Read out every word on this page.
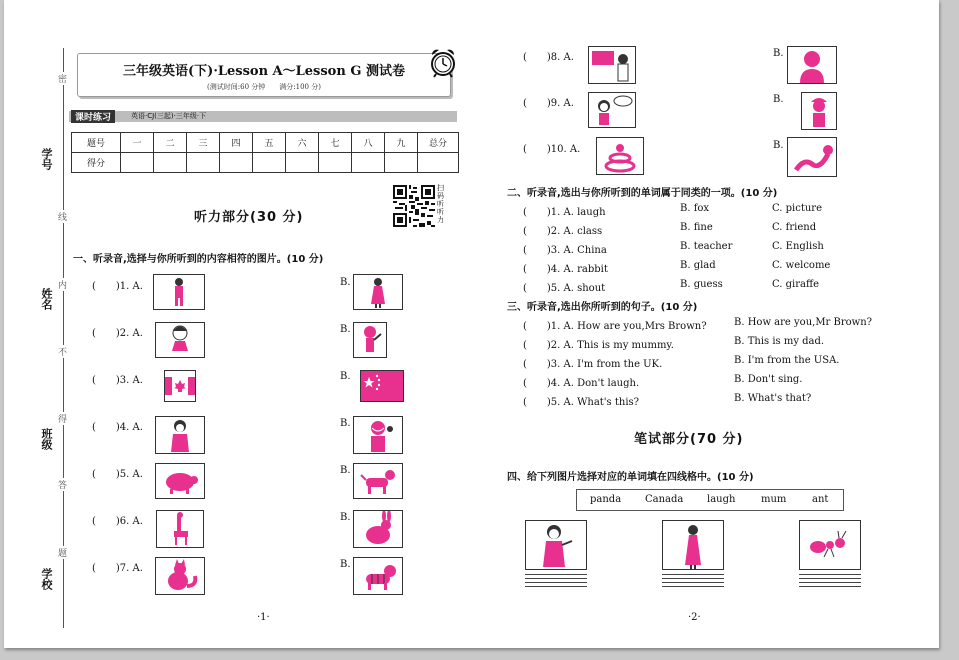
学号
姓名
班级
学校
密
线
内
不
得
答
题
三年级英语(下)·Lesson A～Lesson G 测试卷
(测试时间:60 分钟　　满分:100 分)
课时练习	英语·CJ(三起)·三年级·下
题号	一	二	三	四	五	六	七	八	九	总分
得分										
扫码听听力
听力部分(30 分)
一、听录音,选择与你所听到的内容相符的图片。(10 分)
(　　)1. A.	B.
(　　)2. A.	B.
(　　)3. A.	B.
(　　)4. A.	B.
(　　)5. A.	B.
(　　)6. A.	B.
(　　)7. A.	B.
·1·
(　　)8. A.	B.
(　　)9. A.	B.
(　　)10. A.	B.
二、听录音,选出与你所听到的单词属于同类的一项。(10 分)
(　　)1. A. laugh	B. fox	C. picture
(　　)2. A. class	B. fine	C. friend
(　　)3. A. China	B. teacher	C. English
(　　)4. A. rabbit	B. glad	C. welcome
(　　)5. A. shout	B. guess	C. giraffe
三、听录音,选出你所听到的句子。(10 分)
(　　)1. A. How are you,Mrs Brown?	B. How are you,Mr Brown?
(　　)2. A. This is my mummy.	B. This is my dad.
(　　)3. A. I'm from the UK.	B. I'm from the USA.
(　　)4. A. Don't laugh.	B. Don't sing.
(　　)5. A. What's this?	B. What's that?
笔试部分(70 分)
四、给下列图片选择对应的单词填在四线格中。(10 分)
panda Canada laugh	mum	ant
·2·
